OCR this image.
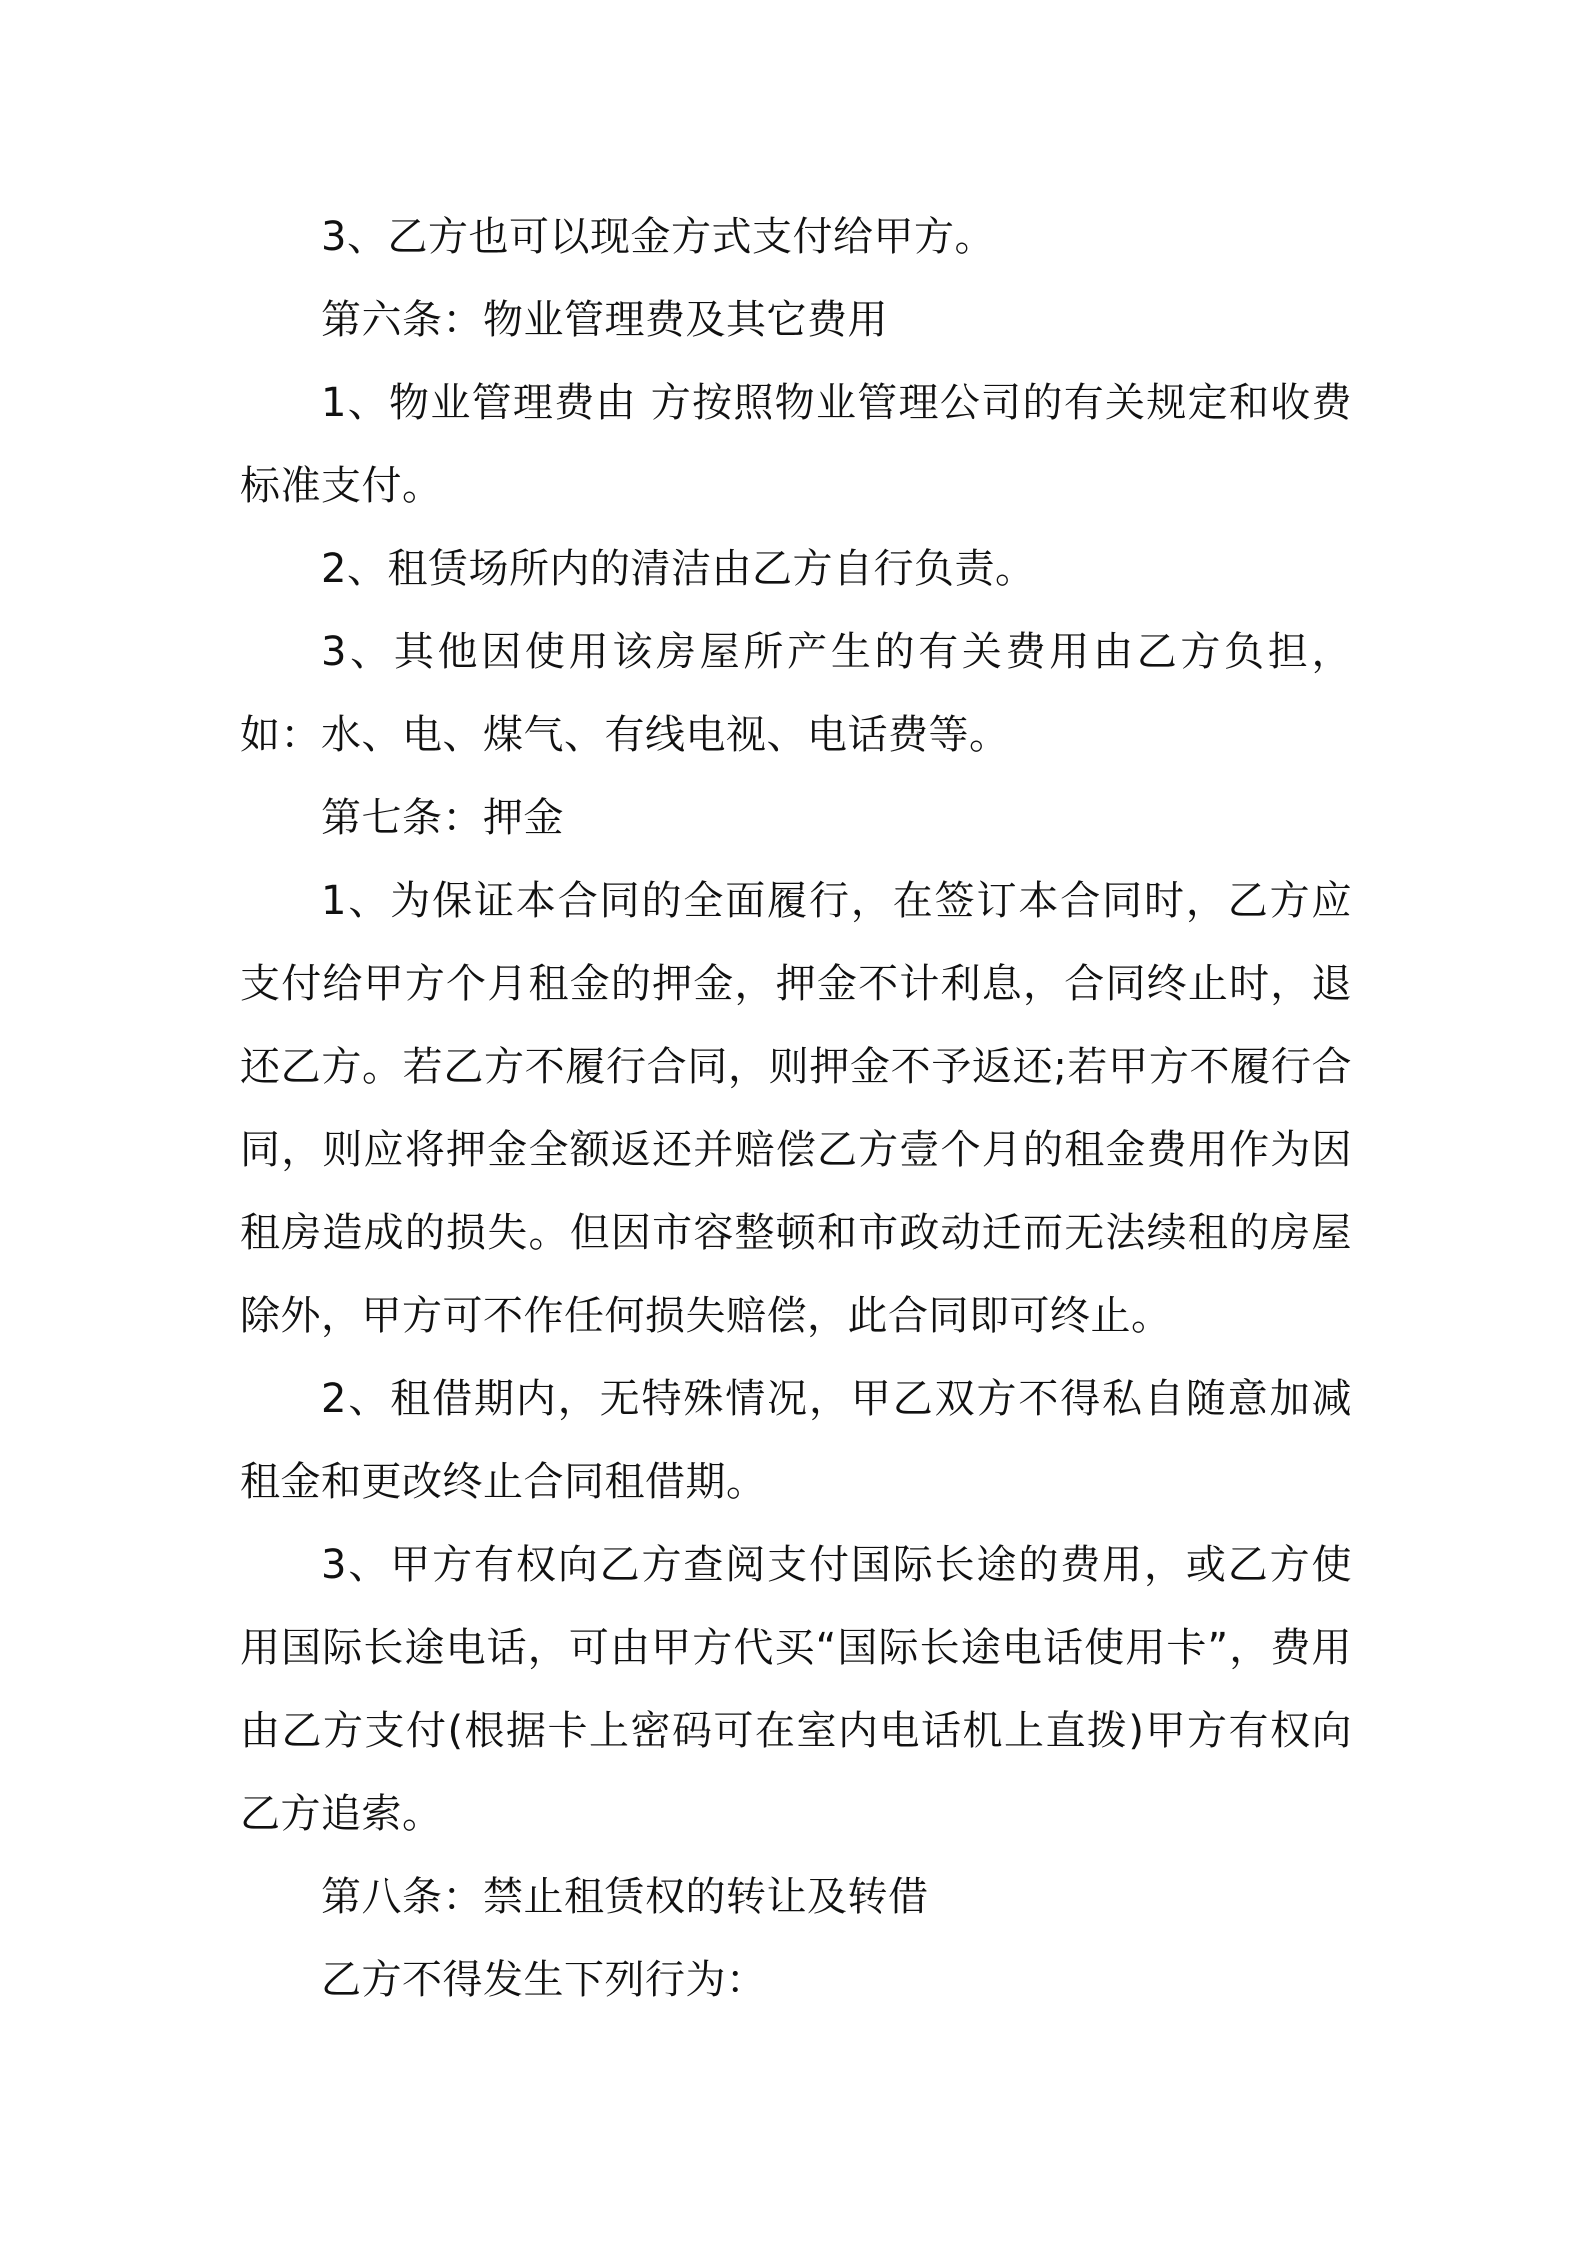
3、乙方也可以现金方式支付给甲方。

第六条：物业管理费及其它费用

1、物业管理费由 方按照物业管理公司的有关规定和收费标准支付。

2、租赁场所内的清洁由乙方自行负责。

3、其他因使用该房屋所产生的有关费用由乙方负担，如：水、电、煤气、有线电视、电话费等。

第七条：押金

1、为保证本合同的全面履行，在签订本合同时，乙方应支付给甲方个月租金的押金，押金不计利息，合同终止时，退还乙方。若乙方不履行合同，则押金不予返还;若甲方不履行合同，则应将押金全额返还并赔偿乙方壹个月的租金费用作为因租房造成的损失。但因市容整顿和市政动迁而无法续租的房屋除外，甲方可不作任何损失赔偿，此合同即可终止。

2、租借期内，无特殊情况，甲乙双方不得私自随意加减租金和更改终止合同租借期。

3、甲方有权向乙方查阅支付国际长途的费用，或乙方使用国际长途电话，可由甲方代买“国际长途电话使用卡”，费用由乙方支付(根据卡上密码可在室内电话机上直拨)甲方有权向乙方追索。

第八条：禁止租赁权的转让及转借

乙方不得发生下列行为：
